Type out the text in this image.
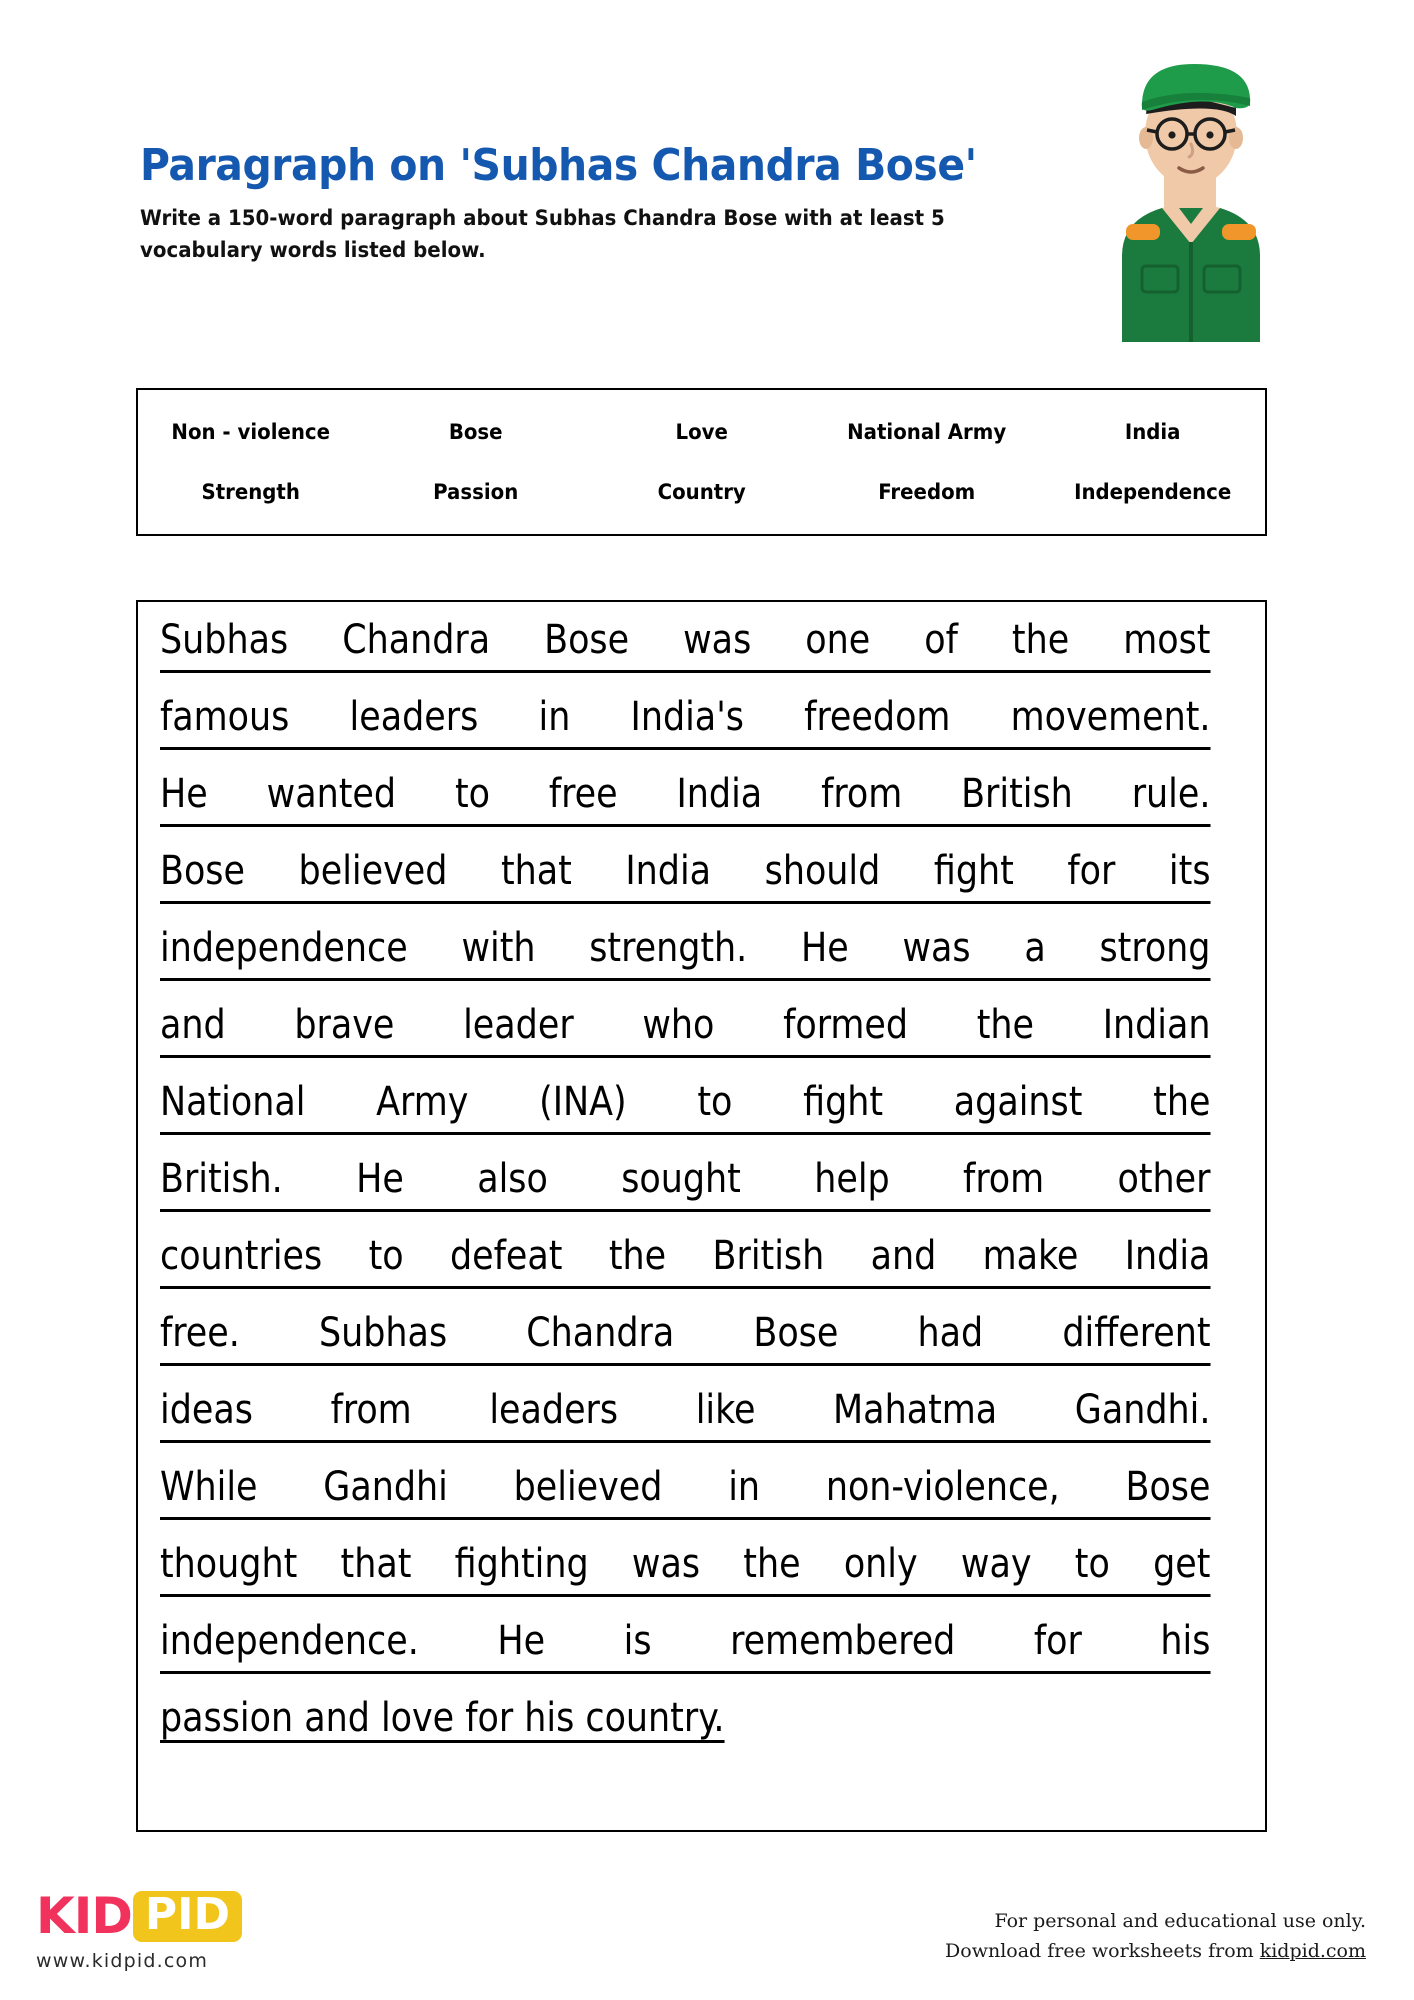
Paragraph on 'Subhas Chandra Bose'

Write a 150-word paragraph about Subhas Chandra Bose with at least 5 vocabulary words listed below.

Non - violence	Bose	Love	National Army	India
Strength	Passion	Country	Freedom	Independence
Subhas Chandra Bose was one of the most
famous leaders in India's freedom movement.
He wanted to free India from British rule.
Bose believed that India should fight for its
independence with strength. He was a strong
and brave leader who formed the Indian
National Army (INA) to fight against the
British. He also sought help from other
countries to defeat the British and make India
free. Subhas Chandra Bose had different
ideas from leaders like Mahatma Gandhi.
While Gandhi believed in non-violence, Bose
thought that fighting was the only way to get
independence. He is remembered for his
passion and love for his country.
KID PID
www.kidpid.com
For personal and educational use only.
Download free worksheets from kidpid.com
